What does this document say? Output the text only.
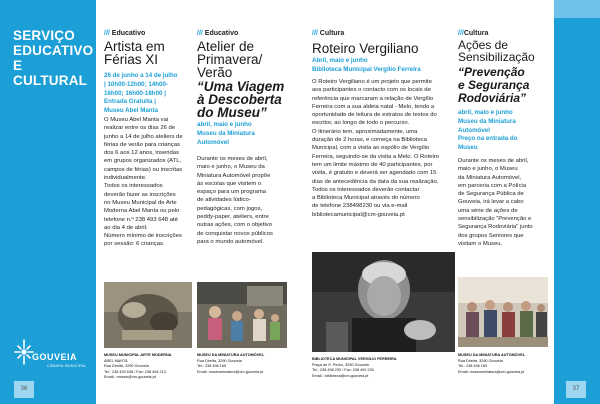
SERVIÇO
EDUCATIVO
E
CULTURAL
GOUVEIA
CÂMARA MUNICIPAL
36	37
/// Educativo
Artista em
Férias XI
26 de junho a 14 de julho
| 10h00-12h00; 14h00-
16h00; 16h00-18h00 |
Entrada Gratuita |
Museu Abel Manta
O Museu Abel Manta vai
realizar entre os dias 26 de
junho a 14 de julho ateliers de
férias de verão para crianças
dos 6 aos 12 anos, inseridas
em grupos organizados (ATL,
campos de férias) ou inscritas
individualmente.
Todos os interessados
deverão fazer as inscrições
no Museu Municipal de Arte
Moderna Abel Manta ou pelo
telefone n.º 238 493 648 até
ao dia 4 de abril.
Número mínimo de inscrições
por sessão: 6 crianças.
MUSEU MUNICIPAL ARTE MODERNA
ABEL MANTA
Rua Direita, 3290 Gouveia
Tel.: 238 493 648 / Fax: 238 494 213
Email.: museu@cm-gouveia.pt
/// Educativo
Atelier de
Primavera/
Verão
“Uma Viagem
à Descoberta
do Museu”
abril, maio e junho
Museu da Miniatura
Automóvel
Durante os meses de abril,
maio e junho, o Museu da
Miniatura Automóvel propõe
às escolas que visitem o
espaço para um programa
de atividades lúdico-
pedagógicas, com jogos,
peddy-paper, ateliers, entre
outras ações, com o objetivo
de conquistar novos públicos
para o mundo automóvel.
MUSEU DA MINIATURA AUTOMÓVEL
Rua Direita, 3290 Gouveia
Tel.: 238 496 169
Email: museuminiatura@cm-gouveia.pt
/// Cultura
Roteiro Vergiliano
Abril, maio e junho
Biblioteca Municipal Vergílio Ferreira
O Roteiro Vergiliano é um projeto que permite
aos participantes o contacto com os locais de
referência que marcaram a relação de Vergílio
Ferreira com a sua aldeia natal - Melo, tendo a
oportunidade de leitura de extratos de textos do
escritor, ao longo de todo o percurso.
O itinerário tem, aproximadamente, uma
duração de 2 horas, e começa na Biblioteca
Municipal, com a visita ao espólio de Vergílio
Ferreira, seguindo-se da visita a Melo. O Roteiro
tem um limite máximo de 40 participantes, por
visita, é gratuito e deverá ser agendado com 15
dias de antecedência da data da sua realização.
Todos os interessados deverão contactar
a Biblioteca Municipal através do número
de telefone 238498230 ou via e-mail
bibliotecamunicipal@cm-gouveia.pt
BIBLIOTECA MUNICIPAL VERGÍLIO FERREIRA
Praça de S. Pedro, 3290 Gouveia
Tel.: 238 498 230 / Fax: 238 492 230
Email.: biblioteca@cm-gouveia.pt
///Cultura
Ações de
Sensibilização
“Prevenção
e Segurança
Rodoviária”
abril, maio e junho
Museu da Miniatura
Automóvel
Preço na entrada do
Museu
Durante os meses de abril,
maio e junho, o Museu
da Miniatura Automóvel,
em parceria com a Polícia
de Segurança Pública de
Gouveia, irá levar a cabo
uma série de ações de
sensibilização “Prevenção e
Segurança Rodoviária” junto
dos grupos Seniores que
visitam o Museu.
MUSEU DA MINIATURA AUTOMÓVEL
Rua Direita, 3290 Gouveia
Tel.: 238 496 169
Email: museuminiatura@cm-gouveia.pt
